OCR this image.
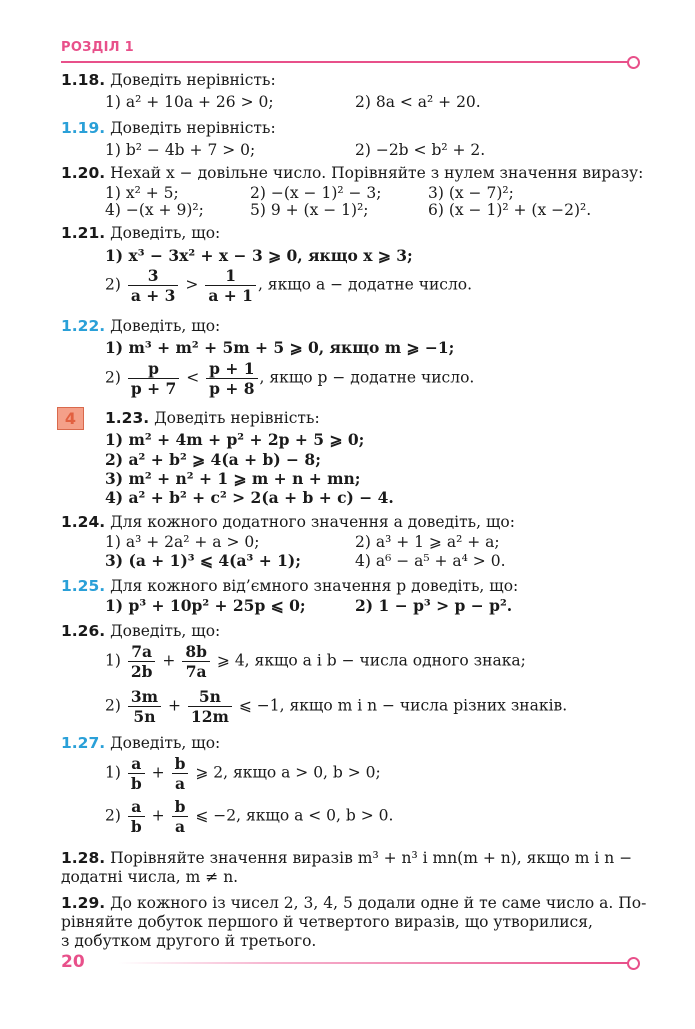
РОЗДІЛ 1
1.18. Доведіть нерівність:
1) a² + 10a + 26 > 0;	2) 8a < a² + 20.
1.19. Доведіть нерівність:
1) b² − 4b + 7 > 0;	2) −2b < b² + 2.
1.20. Нехай x − довільне число. Порівняйте з нулем значення виразу:
1) x² + 5;	2) −(x − 1)² − 3;	3) (x − 7)²;
4) −(x + 9)²;	5) 9 + (x − 1)²;	6) (x − 1)² + (x −2)².
1.21. Доведіть, що:
1) x³ − 3x² + x − 3 ⩾ 0, якщо x ⩾ 3;
$2) \frac{3}{a + 3} > \frac{1}{a + 1}$ , якщо a − додатне число.
1.22. Доведіть, що:
1) m³ + m² + 5m + 5 ⩾ 0, якщо m ⩾ −1;
$2) \frac{p}{p + 7} < \frac{p + 1}{p + 8}$ , якщо p − додатне число.
4	1.23. Доведіть нерівність:
1) m² + 4m + p² + 2p + 5 ⩾ 0;
2) a² + b² ⩾ 4(a + b) − 8;
3) m² + n² + 1 ⩾ m + n + mn;
4) a² + b² + c² > 2(a + b + c) − 4.
1.24. Для кожного додатного значення a доведіть, що:
1) a³ + 2a² + a > 0;	2) a³ + 1 ⩾ a² + a;
3) (a + 1)³ ⩽ 4(a³ + 1);	4) a⁶ − a⁵ + a⁴ > 0.
1.25. Для кожного від’ємного значення p доведіть, що:
1) p³ + 10p² + 25p ⩽ 0;	2) 1 − p³ > p − p².
1.26. Доведіть, що:
$1) \frac{7a}{2b} + \frac{8b}{7a}$ ⩾ 4, якщо a і b − числа одного знака;
$2) \frac{3m}{5n} + \frac{5n}{12m}$ ⩽ −1, якщо m і n − числа різних знаків.
1.27. Доведіть, що:
$1) \frac{a}{b} + \frac{b}{a}$ ⩾ 2, якщо a > 0, b > 0;
$2) \frac{a}{b} + \frac{b}{a}$ ⩽ −2, якщо a < 0, b > 0.
1.28. Порівняйте значення виразів m³ + n³ і mn(m + n), якщо m і n −
додатні числа, m ≠ n.
1.29. До кожного із чисел 2, 3, 4, 5 додали одне й те саме число a. По-
рівняйте добуток першого й четвертого виразів, що утворилися,
з добутком другого й третього.
20
